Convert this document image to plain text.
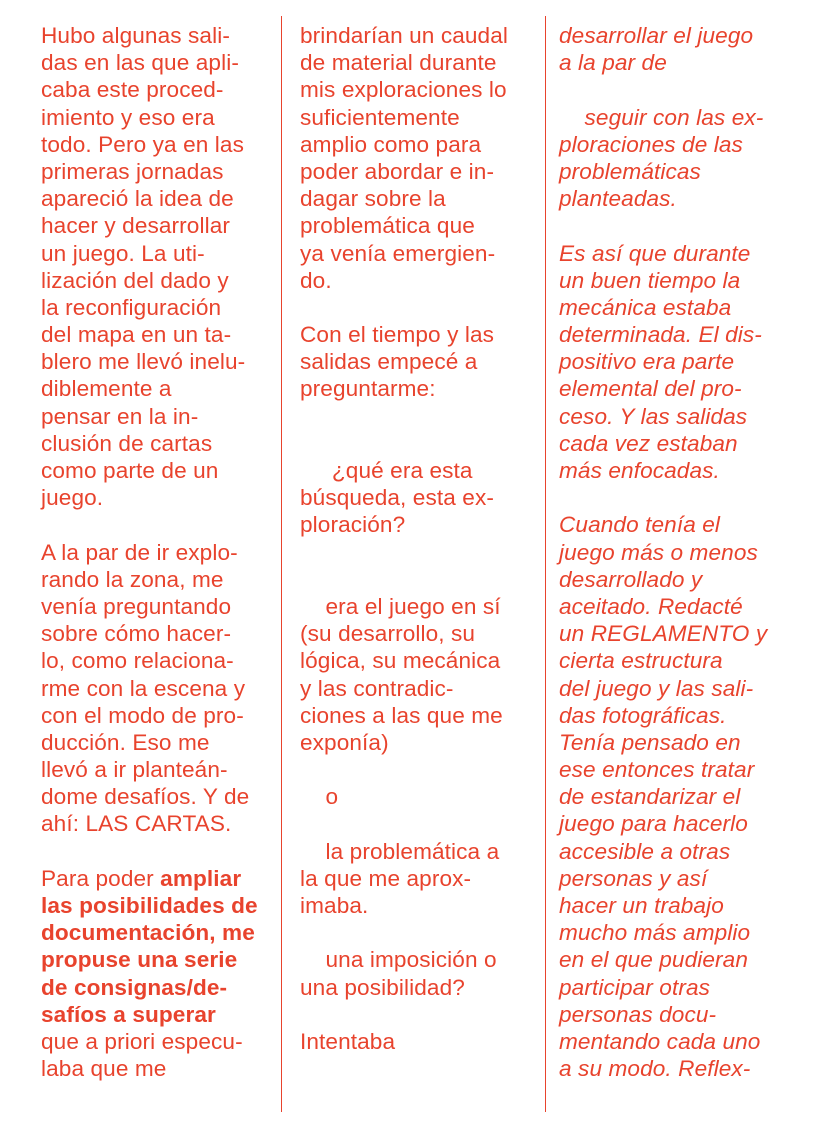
Hubo algunas sali-
das en las que apli-
caba este proced-
imiento y eso era
todo. Pero ya en las
primeras jornadas
apareció la idea de
hacer y desarrollar
un juego. La uti-
lización del dado y
la reconfiguración
del mapa en un ta-
blero me llevó inelu-
diblemente a
pensar en la in-
clusión de cartas
como parte de un
juego.
A la par de ir explo-
rando la zona, me
venía preguntando
sobre cómo hacer-
lo, como relaciona-
rme con la escena y
con el modo de pro-
ducción. Eso me
llevó a ir planteán-
dome desafíos. Y de
ahí: LAS CARTAS.
Para poder ampliar
las posibilidades de
documentación, me
propuse una serie
de consignas/de-
safíos a superar
que a priori especu-
laba que me
brindarían un caudal
de material durante
mis exploraciones lo
suficientemente
amplio como para
poder abordar e in-
dagar sobre la
problemática que
ya venía emergien-
do.
Con el tiempo y las
salidas empecé a
preguntarme:
¿qué era esta
búsqueda, esta ex-
ploración?
era el juego en sí
(su desarrollo, su
lógica, su mecánica
y las contradic-
ciones a las que me
exponía)
o
la problemática a
la que me aprox-
imaba.
una imposición o
una posibilidad?
Intentaba
desarrollar el juego
a la par de
seguir con las ex-
ploraciones de las
problemáticas
planteadas.
Es así que durante
un buen tiempo la
mecánica estaba
determinada. El dis-
positivo era parte
elemental del pro-
ceso. Y las salidas
cada vez estaban
más enfocadas.
Cuando tenía el
juego más o menos
desarrollado y
aceitado. Redacté
un REGLAMENTO y
cierta estructura
del juego y las sali-
das fotográficas.
Tenía pensado en
ese entonces tratar
de estandarizar el
juego para hacerlo
accesible a otras
personas y así
hacer un trabajo
mucho más amplio
en el que pudieran
participar otras
personas docu-
mentando cada uno
a su modo. Reflex-
